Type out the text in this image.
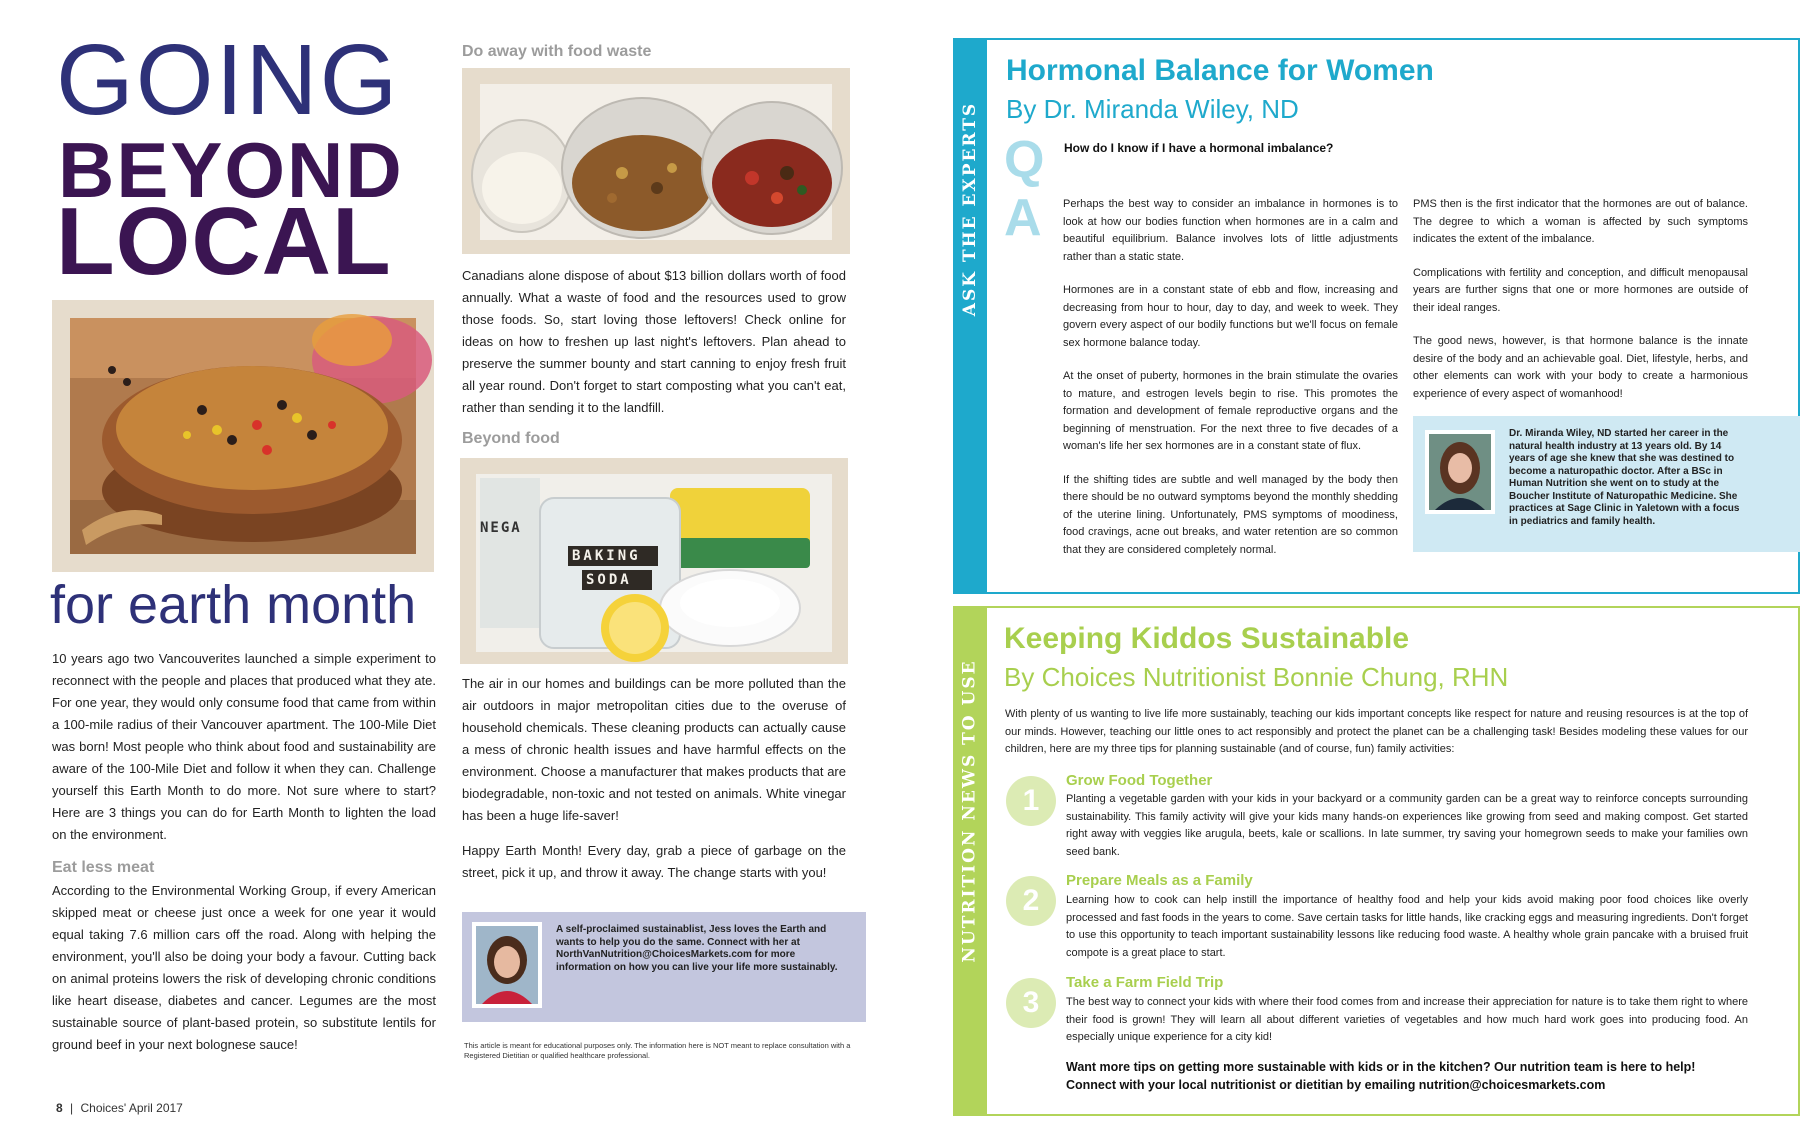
GOING
BEYOND
LOCAL
for earth month
10 years ago two Vancouverites launched a simple experiment to reconnect with the people and places that produced what they ate. For one year, they would only consume food that came from within a 100-mile radius of their Vancouver apartment. The 100-Mile Diet was born! Most people who think about food and sustainability are aware of the 100-Mile Diet and follow it when they can. Challenge yourself this Earth Month to do more. Not sure where to start? Here are 3 things you can do for Earth Month to lighten the load on the environment.
Eat less meat
According to the Environmental Working Group, if every American skipped meat or cheese just once a week for one year it would equal taking 7.6 million cars off the road. Along with helping the environment, you'll also be doing your body a favour. Cutting back on animal proteins lowers the risk of developing chronic conditions like heart disease, diabetes and cancer. Legumes are the most sustainable source of plant-based protein, so substitute lentils for ground beef in your next bolognese sauce!
8 | Choices' April 2017
Do away with food waste
Canadians alone dispose of about $13 billion dollars worth of food annually. What a waste of food and the resources used to grow those foods. So, start loving those leftovers! Check online for ideas on how to freshen up last night's leftovers. Plan ahead to preserve the summer bounty and start canning to enjoy fresh fruit all year round. Don't forget to start composting what you can't eat, rather than sending it to the landfill.
Beyond food
NEGA
BAKING
SODA
The air in our homes and buildings can be more polluted than the air outdoors in major metropolitan cities due to the overuse of household chemicals. These cleaning products can actually cause a mess of chronic health issues and have harmful effects on the environment. Choose a manufacturer that makes products that are biodegradable, non-toxic and not tested on animals. White vinegar has been a huge life-saver!
Happy Earth Month! Every day, grab a piece of garbage on the street, pick it up, and throw it away. The change starts with you!
A self-proclaimed sustainablist, Jess loves the Earth and wants to help you do the same. Connect with her at NorthVanNutrition@ChoicesMarkets.com for more information on how you can live your life more sustainably.
This article is meant for educational purposes only. The information here is NOT meant to replace consultation with a Registered Dietitian or qualified healthcare professional.
ASK THE EXPERTS
Hormonal Balance for Women
By Dr. Miranda Wiley, ND
Q
A
How do I know if I have a hormonal imbalance?

Perhaps the best way to consider an imbalance in hormones is to look at how our bodies function when hormones are in a calm and beautiful equilibrium. Balance involves lots of little adjustments rather than a static state.

Hormones are in a constant state of ebb and flow, increasing and decreasing from hour to hour, day to day, and week to week. They govern every aspect of our bodily functions but we'll focus on female sex hormone balance today.

At the onset of puberty, hormones in the brain stimulate the ovaries to mature, and estrogen levels begin to rise. This promotes the formation and development of female reproductive organs and the beginning of menstruation. For the next three to five decades of a woman's life her sex hormones are in a constant state of flux.

If the shifting tides are subtle and well managed by the body then there should be no outward symptoms beyond the monthly shedding of the uterine lining. Unfortunately, PMS symptoms of moodiness, food cravings, acne out breaks, and water retention are so common that they are considered completely normal.

PMS then is the first indicator that the hormones are out of balance. The degree to which a woman is affected by such symptoms indicates the extent of the imbalance.

Complications with fertility and conception, and difficult menopausal years are further signs that one or more hormones are outside of their ideal ranges.

The good news, however, is that hormone balance is the innate desire of the body and an achievable goal. Diet, lifestyle, herbs, and other elements can work with your body to create a harmonious experience of every aspect of womanhood!

Dr. Miranda Wiley, ND started her career in the natural health industry at 13 years old. By 14 years of age she knew that she was destined to become a naturopathic doctor. After a BSc in Human Nutrition she went on to study at the Boucher Institute of Naturopathic Medicine. She practices at Sage Clinic in Yaletown with a focus in pediatrics and family health.
NUTRITION NEWS TO USE
Keeping Kiddos Sustainable
By Choices Nutritionist Bonnie Chung, RHN
With plenty of us wanting to live life more sustainably, teaching our kids important concepts like respect for nature and reusing resources is at the top of our minds. However, teaching our little ones to act responsibly and protect the planet can be a challenging task! Besides modeling these values for our children, here are my three tips for planning sustainable (and of course, fun) family activities:
1
Grow Food Together
Planting a vegetable garden with your kids in your backyard or a community garden can be a great way to reinforce concepts surrounding sustainability. This family activity will give your kids many hands-on experiences like growing from seed and making compost. Get started right away with veggies like arugula, beets, kale or scallions. In late summer, try saving your homegrown seeds to make your families own seed bank.
2
Prepare Meals as a Family
Learning how to cook can help instill the importance of healthy food and help your kids avoid making poor food choices like overly processed and fast foods in the years to come. Save certain tasks for little hands, like cracking eggs and measuring ingredients. Don't forget to use this opportunity to teach important sustainability lessons like reducing food waste. A healthy whole grain pancake with a bruised fruit compote is a great place to start.
3
Take a Farm Field Trip
The best way to connect your kids with where their food comes from and increase their appreciation for nature is to take them right to where their food is grown! They will learn all about different varieties of vegetables and how much hard work goes into producing food. An especially unique experience for a city kid!
Want more tips on getting more sustainable with kids or in the kitchen? Our nutrition team is here to help! Connect with your local nutritionist or dietitian by emailing nutrition@choicesmarkets.com
